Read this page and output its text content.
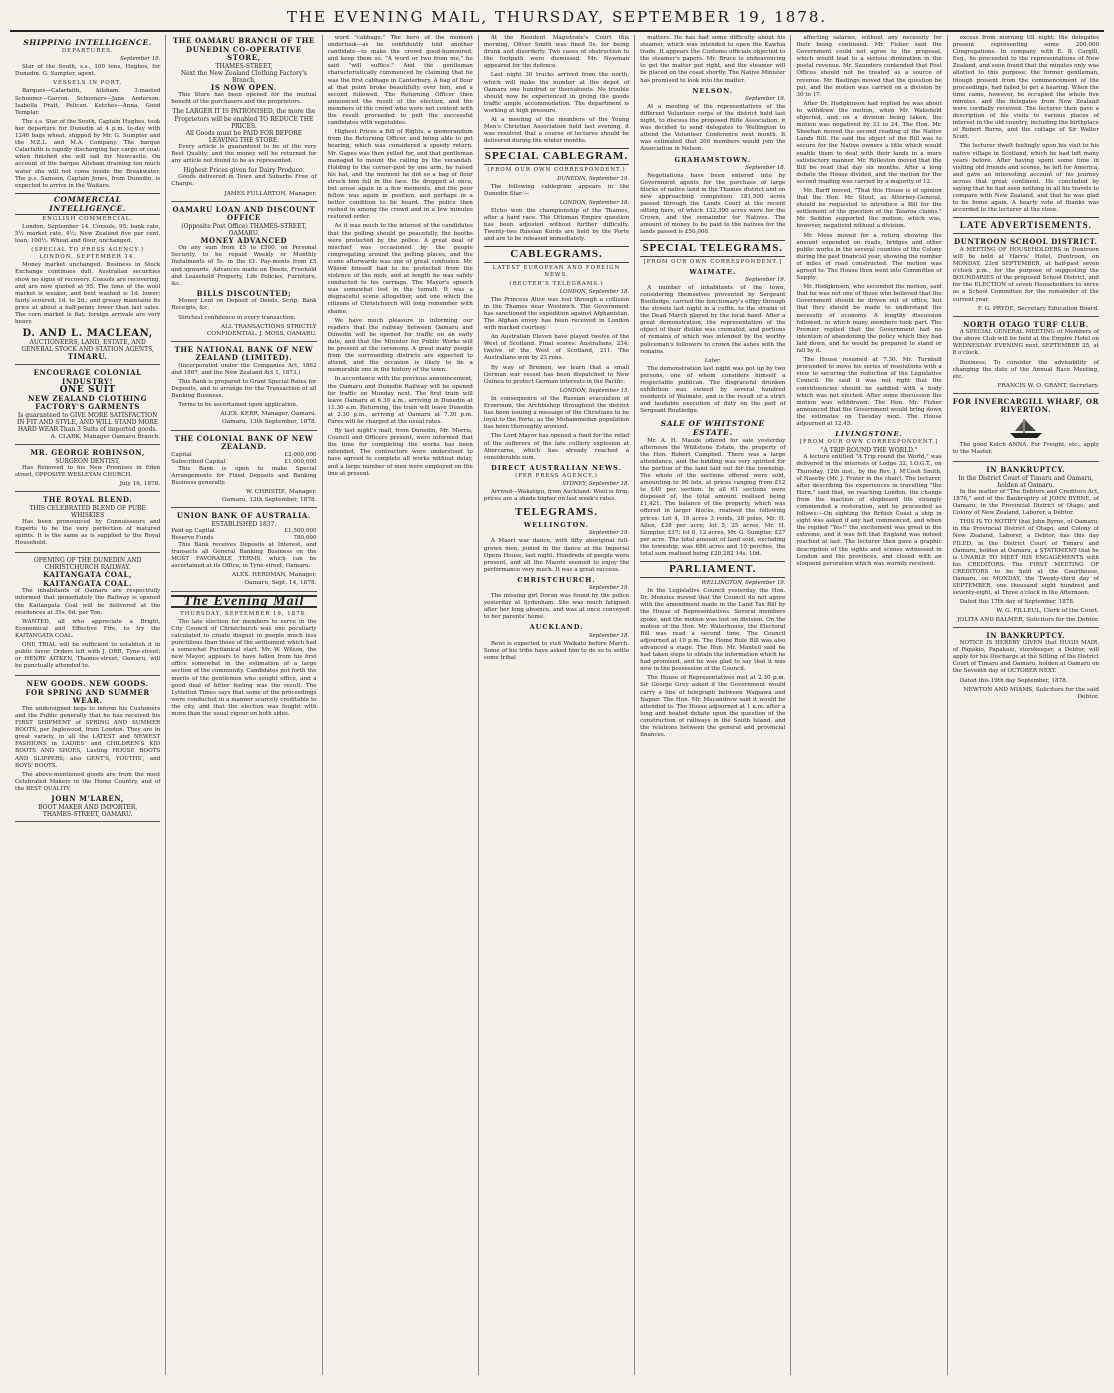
THE EVENING MAIL, THURSDAY, SEPTEMBER 19, 1878.
SHIPPING INTELLIGENCE.
DEPARTURES.
September 19.

Star of the South, s.s., 100 tons, Hughes, for Dunedin. G. Sumpter, agent.

VESSELS IN PORT.

Barques—Calarfaith, Ailsham. 3-masted Schooner—Garron. Schooners—Jane Anderson, Isabella Pratt, Pelican. Ketches—Anna, Good Templar.

The s.s. Star of the South, Captain Hughes, took her departure for Dunedin at 4 p.m. to-day with 1246 bags wheat, shipped by Mr. G. Sumpter and the N.Z.L. and M.A. Company. The barque Calarfaith is rapidly discharging her cargo of coal; when finished she will sail for Newcastle. On account of the barque Ailsham draining too much water she will not come inside the Breakwater. The p.s. Samson, Captain Jones, from Dunedin, is expected to arrive in the Waitaro.

COMMERCIAL INTELLIGENCE.
ENGLISH COMMERCIAL.

London, September 14. Consols, 95; bank rate, 5½ market rate, 4½; New Zealand five per cent. loan, 100½. Wheat and flour, unchanged.

(SPECIAL TO PRESS AGENCY.) LONDON, SEPTEMBER 14.

Money market unchanged. Business in Stock Exchange continues dull. Australian securities show no signs of recovery. Consols are recovering, and are now quoted at 95. The tone of the wool market is weaker, and best washed is 1d. lower; fairly scoured, 1d. to 2d.; and greasy maintains its price at about a half-penny lower than last sales. The corn market is flat; foreign arrivals are very heavy.

D. AND L. MACLEAN,
AUCTIONEERS, LAND, ESTATE, AND GENERAL STOCK AND STATION AGENTS,
TIMARU.
ENCOURAGE COLONIAL INDUSTRY!
ONE SUIT
NEW ZEALAND CLOTHING FACTORY'S GARMENTS
Is guaranteed to GIVE MORE SATISFACTION IN FIT AND STYLE, AND WILL STAND MORE HARD WEAR Than 3 Suits of imported goods.
A. CLARK, Manager Oamaru Branch.
MR. GEORGE ROBINSON,
SURGEON DENTIST,

Has Removed to his New Premises in Eden street, OPPOSITE WESLEYAN CHURCH.

July 16, 1878.
THE ROYAL BLEND.
THIS CELEBRATED BLEND OF PURE WHISKIES

Has been pronounced by Connoisseurs and Experts to be the very perfection of matured spirits. It is the same as is supplied to the Royal Household.

OPENING OF THE DUNEDIN AND CHRISTCHURCH RAILWAY.
KAITANGATA COAL, KAITANGATA COAL.

The inhabitants of Oamaru are respectfully informed that immediately the Railway is opened the Kaitangata Coal will be delivered at the residences at 35s. 6d. per Ton.

WANTED, all who appreciate a Bright, Economical and Effective Fire, to try the KAITANGATA COAL.

ONE TRIAL will be sufficient to establish it in public favor. Orders left with J. ORR, Tyne-street; or HENRY AITKEN, Thames-street, Oamaru, will be punctually attended to.

NEW GOODS. NEW GOODS.
FOR SPRING AND SUMMER WEAR.

The undersigned begs to inform his Customers and the Public generally that he has received his FIRST SHIPMENT of SPRING AND SUMMER BOOTS, per Inglewood, from London. They are in great variety, in all the LATEST and NEWEST FASHIONS in LADIES' and CHILDREN'S KID BOOTS AND SHOES, Lasting HOUSE BOOTS AND SLIPPERS; also GENT'S, YOUTHS', and BOYS' BOOTS.

The above-mentioned goods are from the most Celebrated Makers in the Home Country, and of the BEST QUALITY.

JOHN M'LAREN,
BOOT MAKER AND IMPORTER,
THAMES-STREET, OAMARU.
THE OAMARU BRANCH OF THE DUNEDIN CO-OPERATIVE STORE,
THAMES-STREET,
Next the New Zealand Clothing Factory's Branch,
IS NOW OPEN.

This Store has been opened for the mutual benefit of the purchasers and the proprietors.

The LARGER IT IS PATRONISED, the more the Proprietors will be enabled TO REDUCE THE PRICES.
All Goods must be PAID FOR BEFORE LEAVING THE STORE.

Every article is guaranteed to be of the very Best Quality; and the money will be returned for any article not found to be as represented.

Highest Prices given for Dairy Produce.

Goods delivered in Town and Suburbs Free of Charge.

JAMES FULLARTON, Manager.
OAMARU LOAN AND DISCOUNT OFFICE
(Opposite Post Office) THAMES-STREET, OAMARU.
MONEY ADVANCED

On any sum from £5 to £500, on Personal Security, to be repaid Weekly or Monthly Instalments of 5s. in the £1. Pay-ments from £5 and upwards. Advances made on Deeds, Freehold and Leasehold Property, Life Policies, Furniture, &c.

BILLS DISCOUNTED;

Money Lent on Deposit of Deeds, Scrip, Bank Receipts, &c.

Strictest confidence in every transaction.

ALL TRANSACTIONS STRICTLY CONFIDENTIAL. J. MOSS, OAMARU.
THE NATIONAL BANK OF NEW ZEALAND (LIMITED).

(Incorporated under the Companies Act, 1862 and 1867, and the New Zealand Act 1, 1873.)

This Bank is prepared to Grant Special Rates for Deposits, and to arrange for the Transaction of all Banking Business.

Terms to be ascertained upon application.

ALEX. KERR, Manager, Oamaru.
Oamaru, 13th September, 1878.
THE COLONIAL BANK OF NEW ZEALAND.
Capital	£2,000,000
Subscribed Capital	£1,000,000

This Bank is open to make Special Arrangements for Fixed Deposits and Banking Business generally.

W. CHRISTIE, Manager.
Oamaru, 12th September, 1878.
UNION BANK OF AUSTRALIA.
ESTABLISHED 1837.
Paid-up Capital	£1,500,000
Reserve Funds	780,000

This Bank receives Deposits at Interest, and transacts all General Banking Business on the MOST FAVORABLE TERMS, which can be ascertained at its Office, in Tyne-street, Oamaru.

ALEX. HERDMAN, Manager.
Oamaru, Sept. 14, 1878.
The Evening Mail
THURSDAY, SEPTEMBER 19, 1878.

The late election for members to serve in the City Council of Christchurch was one peculiarly calculated to create disgust in people much less punctilious than those of the settlement which had a somewhat Puritanical start. Mr. W. Wilson, the new Mayor, appears to have fallen from his first office somewhat in the estimation of a large section of the community. Candidates put forth the merits of the gentlemen who sought office, and a good deal of bitter feeling was the result. The Lyttelton Times says that some of the proceedings were conducted in a manner scarcely creditable to the city, and that the election was fought with more than the usual vigour on both sides.

word "cabbage." The hero of the moment undertook—as he confidently told another candidate—to make the crowd good-humoured, and keep them so. "A word or two from me," he said "will suffice." And the gentleman characteristically commenced by claiming that he was the first cabbage in Canterbury. A bag of flour at that point broke beautifully over him, and a second followed. The Returning Officer then announced the result of the election, and the members of the crowd who were not content with the result proceeded to pelt the successful candidates with vegetables.

Highest Prices a Bill of Rights, a memorandum from the Returning Officer, and being able to get hearing, which was considered a speedy return. Mr. Gapes was then yelled for, and that gentleman managed to mount the railing by the verandah. Holding to the corner-post by one arm, he raised his hat, and the moment he did so a bag of flour struck him full in the face. He dropped at once, but arose again in a few moments, and the poor fellow was again in position, and perhaps in a better condition to be heard. The police then rushed in among the crowd and in a few minutes restored order.

As it was much to the interest of the candidates that the polling should go peacefully, the booths were protected by the police. A great deal of mischief was occasioned by the people congregating around the polling places, and the scene afterwards was one of great confusion. Mr. Wilson himself had to be protected from the violence of the mob, and at length he was safely conducted to his carriage. The Mayor's speech was somewhat lost in the tumult. It was a disgraceful scene altogether, and one which the citizens of Christchurch will long remember with shame.

We have much pleasure in informing our readers that the railway between Oamaru and Dunedin will be opened for traffic on an early date, and that the Minister for Public Works will be present at the ceremony. A great many people from the surrounding districts are expected to attend, and the occasion is likely to be a memorable one in the history of the town.

In accordance with the previous announcement, the Oamaru and Dunedin Railway will be opened for traffic on Monday next. The first train will leave Oamaru at 6.30 a.m., arriving in Dunedin at 11.30 a.m. Returning, the train will leave Dunedin at 2.30 p.m., arriving at Oamaru at 7.30 p.m. Fares will be charged at the usual rates.

By last night's mail, from Dunedin, Mr. Morris, Council and Officers present, were informed that the time for completing the works has been extended. The contractors were understood to have agreed to complete all works without delay, and a large number of men were employed on the line at present.

At the Resident Magistrate's Court this morning, Oliver Smith was fined 5s. for being drunk and disorderly. Two cases of obstruction to the footpath were dismissed. Mr. Newman appeared for the defence.

Last night 30 trucks arrived from the north, which will make the number at the depot of Oamaru one hundred or thereabouts. No trouble should now be experienced in giving the goods traffic ample accommodation. The department is working at high pressure.

At a meeting of the members of the Young Men's Christian Association held last evening, it was resolved that a course of lectures should be delivered during the winter months.

SPECIAL CABLEGRAM.
(FROM OUR OWN CORRESPONDENT.)
DUNEDIN, September 19.

The following cablegram appears in the Dunedin Star:—

LONDON, September 18.

Elcho won the championship of the Thames, after a hard race. The Ottoman Empire question has been adjusted without further difficulty. Twenty-two Russian Kurds are held by the Porte and are to be released immediately.

CABLEGRAMS.
LATEST EUROPEAN AND FOREIGN NEWS.
(REUTER'S TELEGRAMS.)
LONDON, September 18.

The Princess Alice was lost through a collision in the Thames near Woolwich. The Government has sanctioned the expedition against Afghanistan. The Afghan envoy has been received in London with marked courtesy.

An Australian Eleven have played twelve of the West of Scotland. Final scores: Australians, 234; twelve of the West of Scotland, 211. The Australians won by 23 runs.

By way of Bremen, we learn that a small German war vessel has been dispatched to New Guinea to protect German interests in the Pacific.

LONDON, September 15.

In consequence of the Russian evacuation of Erzeroum, the Archbishop throughout the district has been issuing a message of the Christians to be loyal to the Porte, as the Mohammedan population has been thoroughly aroused.

The Lord Mayor has opened a fund for the relief of the sufferers of the late colliery explosion at Abercarne, which has already reached a considerable sum.

DIRECT AUSTRALIAN NEWS.
(PER PRESS AGENCY.)
SYDNEY, September 18.

Arrived—Wakatipu, from Auckland. Wool is firm; prices are a shade higher on last week's rates.

TELEGRAMS.
WELLINGTON.
September 19.

A Maori war dance, with fifty aboriginal full-grown men, joined in the dance at the Imperial Opera House, last night. Hundreds of people were present, and all the Maoris seemed to enjoy the performance very much. It was a great success.

CHRISTCHURCH.
September 19.

The missing girl Doran was found by the police yesterday at Sydenham. She was much fatigued after her long absence, and was at once conveyed to her parents' home.

AUCKLAND.
September 18.

Rewi is expected to visit Waikato before March. Some of his tribe have asked him to do so to settle some tribal

matters. He has had some difficulty about his steamer, which was intended to open the Kawhia trade. It appears the Customs officials objected to the steamer's papers. Mr. Bruce is endeavouring to get the matter put right, and the steamer will be placed on the coast shortly. The Native Minister has promised to look into the matter.

NELSON.
September 19.

At a meeting of the representatives of the different Volunteer corps of the district held last night, to discuss the proposed Rifle Association, it was decided to send delegates to Wellington to attend the Volunteer Conference next month. It was estimated that 200 members would join the Association in Nelson.

GRAHAMSTOWN.
September 18.

Negotiations have been entered into by Government agents for the purchase of large blocks of native land in the Thames district and on new approaching completion. 181,500 acres passed through the Lands Court at the recent sitting here, of which 132,390 acres were for the Crown, and the remainder for Natives. The amount of money to be paid to the natives for the lands passed is £50,000.

SPECIAL TELEGRAMS.
[FROM OUR OWN CORRESPONDENT.]
WAIMATE.
September 19.

A number of inhabitants of the town, considering themselves prevented by Sergeant Routledge, carried the functionary's effigy through the streets last night in a coffin, to the strains of the Dead March played by the local band. After a great demonstration, the representation of the object of their dislike was cremated, and portions of remains of which was intended by the worthy policeman's followers to crown the ashes with the remains.

Later.

The demonstration last night was got up by two persons, one of whom considers himself a respectable publican. The disgraceful drunken exhibition was viewed by several hundred residents of Waimate, and is the result of a strict and laudable execution of duty on the part of Sergeant Routledge.

SALE OF WHITSTONE ESTATE.

Mr. A. H. Maude offered for sale yesterday afternoon the Whitstone Estate, the property of the Hon. Robert Campbell. There was a large attendance, and the bidding was very spirited for the portion of the land laid out for the township. The whole of the sections offered were sold, amounting to 90 lots, at prices ranging from £12 to £40 per section. In all 61 sections were disposed of, the total amount realised being £1,421. The balance of the property, which was offered in larger blocks, realised the following prices: Lot 4, 19 acres 3 roods, 28 poles, Mr. H. Allen, £28 per acre; lot 5, 25 acres, Mr. H. Sumpter, £17; lot 6, 12 acres, Mr. G. Sumpter, £27 per acre. The total amount of land sold, excluding the township, was 686 acres and 10 perches, the total sum realised being £20,282 14s. 10d.

PARLIAMENT.
WELLINGTON, September 19.

In the Legislative Council yesterday the Hon. Dr. Menzies moved that the Council do not agree with the amendment made in the Land Tax Bill by the House of Representatives. Several members spoke, and the motion was lost on division. On the motion of the Hon. Mr. Waterhouse, the Electoral Bill was read a second time. The Council adjourned at 10 p.m. The Home Rule Bill was also advanced a stage. The Hon. Mr. Mantell said he had taken steps to obtain the information which he had promised, and he was glad to say that it was now in the possession of the Council.

The House of Representatives met at 2.30 p.m. Sir George Grey asked if the Government would carry a line of telegraph between Waipawa and Napier. The Hon. Mr. Macandrew said it would be attended to. The House adjourned at 1 a.m. after a long and heated debate upon the question of the construction of railways in the South Island, and the relations between the general and provincial finances.

affecting salaries, without any necessity for their being continued. Mr. Fisher said the Government could not agree to the proposal, which would lead to a serious diminution in the postal revenue. Mr. Saunders contended that Post Offices should not be treated as a source of revenue. Mr. Bastings moved that the question be put, and the motion was carried on a division by 30 to 17.

After Dr. Hodgkinson had replied he was about to withdraw the motion, when Mr. Wakefield objected, and on a division being taken, the motion was negatived by 33 to 24. The Hon. Mr. Sheehan moved the second reading of the Native Lands Bill. He said the object of the Bill was to secure for the Native owners a title which would enable them to deal with their lands in a more satisfactory manner. Mr. Rolleston moved that the Bill be read that day six months. After a long debate the House divided, and the motion for the second reading was carried by a majority of 12.

Mr. Barff moved, "That this House is of opinion that the Hon. Mr. Stout, as Attorney-General, should be requested to introduce a Bill for the settlement of the question of the Taiaroa claims." Mr. Seddon supported the motion, which was, however, negatived without a division.

Mr. Moss moved for a return showing the amount expended on roads, bridges and other public works in the several counties of the Colony during the past financial year, showing the number of miles of road constructed. The motion was agreed to. The House then went into Committee of Supply.

Mr. Hodgkinson, who seconded the motion, said that he was not one of those who believed that the Government should be driven out of office, but that they should be made to understand the necessity of economy. A lengthy discussion followed, in which many members took part. The Premier replied that the Government had no intention of abandoning the policy which they had laid down, and he would be prepared to stand or fall by it.

The House resumed at 7.30. Mr. Turnbull proceeded to move his series of resolutions with a view to securing the reduction of the Legislative Council. He said it was not right that the constituencies should be saddled with a body which was not elected. After some discussion the motion was withdrawn. The Hon. Mr. Fisher announced that the Government would bring down the estimates on Tuesday next. The House adjourned at 12.45.

LIVINGSTONE.
[FROM OUR OWN CORRESPONDENT.]
"A TRIP ROUND THE WORLD."

A lecture entitled "A Trip round the World," was delivered in the interests of Lodge 32, I.O.G.T., on Thursday, 12th inst., by the Rev. J. M'Cosh Smith, of Naseby (Mr. J. Frater in the chair). The lecturer, after describing his experiences in travelling "the Horn," said that, on reaching London, the change from the inaction of shipboard life strongly commended a restoration, and he proceeded as follows:—On sighting the British Coast a ship in sight was asked if any had commenced, and when the replied "Yes!" the excitement was great in the extreme, and it was felt that England was indeed reached at last. The lecturer then gave a graphic description of the sights and scenes witnessed in London and the provinces, and closed with an eloquent peroration which was warmly received.

excess from morning till night; the delegates present representing some 200,000 Congregations. In company with E. B. Cargill, Esq., he proceeded to the representations of New Zealand, and soon found that the minutes only was allotted to this purpose; the former gentleman, though present from the commencement of the proceedings, had failed to get a hearing. When the time came, however, he occupied the whole five minutes, and the delegates from New Zealand were cordially received. The lecturer then gave a description of his visits to various places of interest in the old country, including the birthplace of Robert Burns, and the cottage of Sir Walter Scott.

The lecturer dwelt feelingly upon his visit to his native village in Scotland, which he had left many years before. After having spent some time in visiting old friends and scenes, he left for America, and gave an interesting account of his journey across that great continent. He concluded by saying that he had seen nothing in all his travels to compare with New Zealand, and that he was glad to be home again. A hearty vote of thanks was accorded to the lecturer at the close.

LATE ADVERTISEMENTS.
DUNTROON SCHOOL DISTRICT.

A MEETING OF HOUSEHOLDERS in Duntroon will be held at Harris' Hotel, Duntroon, on MONDAY, 23rd SEPTEMBER, at half-past seven o'clock p.m., for the purpose of suggesting the BOUNDARIES of the proposed School District, and for the ELECTION of seven Householders to serve as a School Committee for the remainder of the current year.

F. G. PRYDE, Secretary Education Board.
NORTH OTAGO TURF CLUB.

A SPECIAL GENERAL MEETING of Members of the above Club will be held at the Empire Hotel on WEDNESDAY EVENING next, SEPTEMBER 25, at 8 o'clock.

Business: To consider the advisability of changing the date of the Annual Race Meeting, etc.

FRANCIS W. O. GRANT, Secretary.
FOR INVERCARGILL WHARF, OR RIVERTON.

The good Ketch ANNA. For Freight, etc., apply to the Master.

IN BANKRUPTCY.
In the District Court of Timaru and Oamaru, holden at Oamaru.

In the matter of "The Debtors and Creditors Act, 1876," and of the Bankruptcy of JOHN BYRNE, of Oamaru, in the Provincial District of Otago, and Colony of New Zealand, Laborer, a Debtor.

THIS IS TO NOTIFY that John Byrne, of Oamaru, in the Provincial District of Otago, and Colony of New Zealand, Laborer, a Debtor, has this day FILED, in the District Court of Timaru and Oamaru, holden at Oamaru, a STATEMENT that he is UNABLE TO MEET HIS ENGAGEMENTS with his CREDITORS. The FIRST MEETING OF CREDITORS to be held at the Courthouse, Oamaru, on MONDAY, the Twenty-third day of SEPTEMBER, one thousand eight hundred and seventy-eight, at Three o'clock in the Afternoon.

Dated this 17th day of September, 1878.

W. G. FILLEUL, Clerk of the Court.
JOLITA AND BALMER, Solicitors for the Debtor.
IN BANKRUPTCY.

NOTICE IS HEREBY GIVEN that HUGH MAIR, of Papakio, Papakaio, storekeeper, a Debtor, will apply for his Discharge at the Sitting of the District Court of Timaru and Oamaru, holden at Oamaru on the Seventh day of OCTOBER NEXT.

Dated this 19th day September, 1878.

NEWTON AND MIAMS, Solicitors for the said Debtor.
